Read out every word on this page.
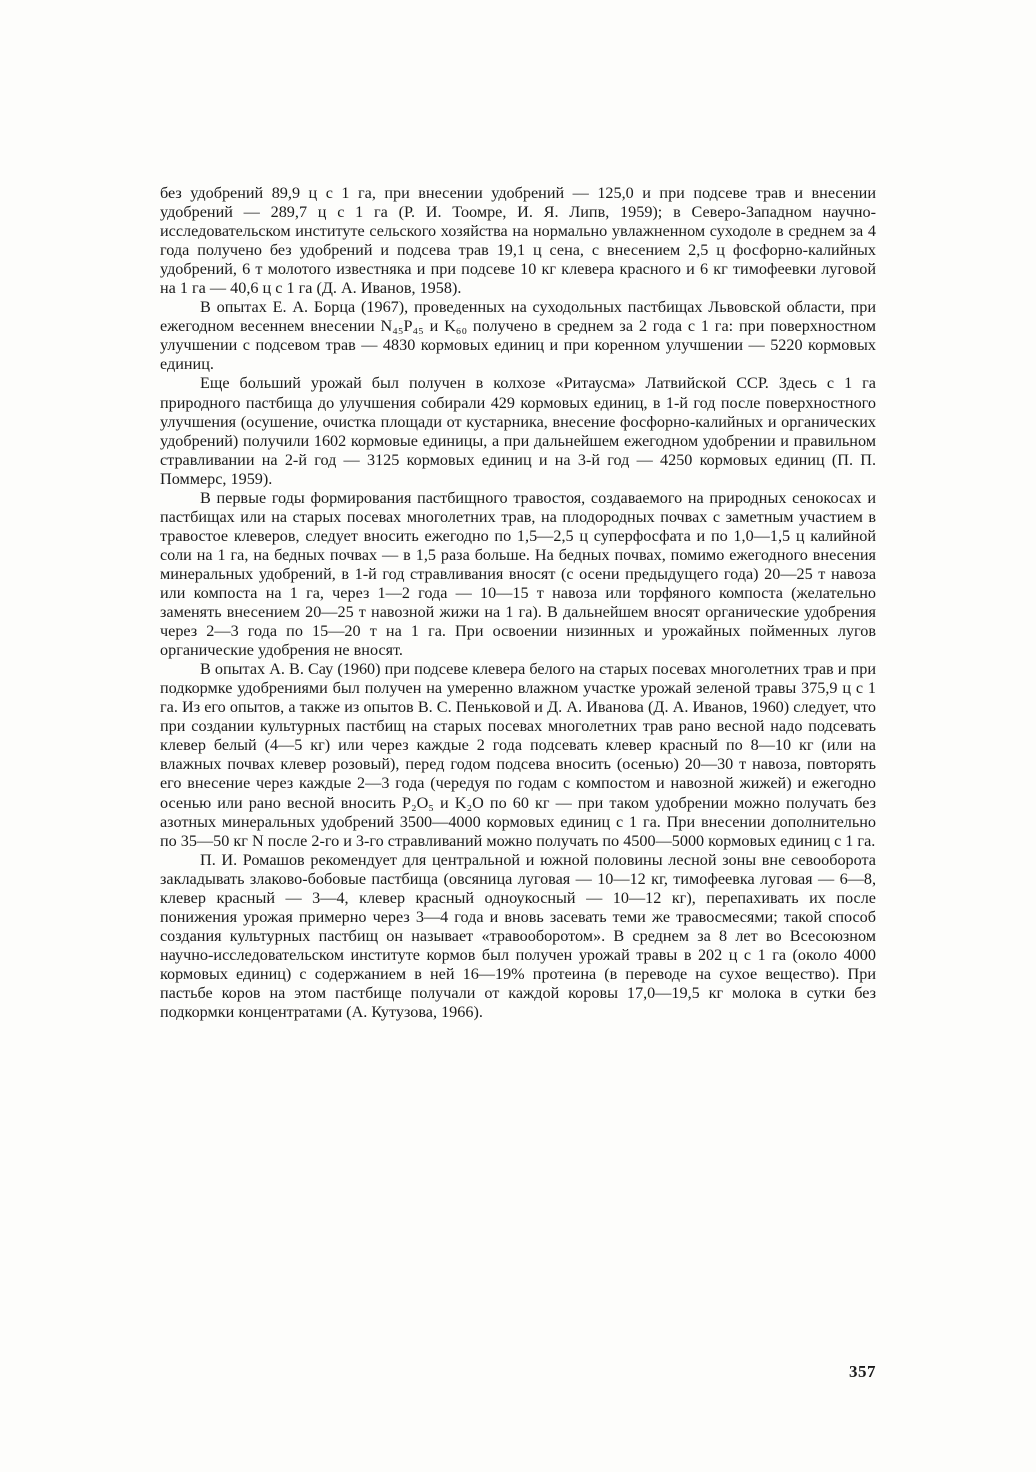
без удобрений 89,9 ц с 1 га, при внесении удобрений — 125,0 и при подсеве трав и внесении удобрений — 289,7 ц с 1 га (Р. И. Тоомре, И. Я. Липв, 1959); в Северо-Западном научно-исследовательском институте сельского хозяйства на нормально увлажненном суходоле в среднем за 4 года получено без удобрений и подсева трав 19,1 ц сена, с внесением 2,5 ц фосфорно-калийных удобрений, 6 т молотого известняка и при подсеве 10 кг клевера красного и 6 кг тимофеевки луговой на 1 га — 40,6 ц с 1 га (Д. А. Иванов, 1958).

В опытах Е. А. Борца (1967), проведенных на суходольных пастбищах Львовской области, при ежегодном весеннем внесении N₄₅P₄₅ и K₆₀ получено в среднем за 2 года с 1 га: при поверхностном улучшении с подсевом трав — 4830 кормовых единиц и при коренном улучшении — 5220 кормовых единиц.

Еще больший урожай был получен в колхозе «Ритаусма» Латвийской ССР. Здесь с 1 га природного пастбища до улучшения собирали 429 кормовых единиц, в 1-й год после поверхностного улучшения (осушение, очистка площади от кустарника, внесение фосфорно-калийных и органических удобрений) получили 1602 кормовые единицы, а при дальнейшем ежегодном удобрении и правильном стравливании на 2-й год — 3125 кормовых единиц и на 3-й год — 4250 кормовых единиц (П. П. Поммерс, 1959).

В первые годы формирования пастбищного травостоя, создаваемого на природных сенокосах и пастбищах или на старых посевах многолетних трав, на плодородных почвах с заметным участием в травостое клеверов, следует вносить ежегодно по 1,5—2,5 ц суперфосфата и по 1,0—1,5 ц калийной соли на 1 га, на бедных почвах — в 1,5 раза больше. На бедных почвах, помимо ежегодного внесения минеральных удобрений, в 1-й год стравливания вносят (с осени предыдущего года) 20—25 т навоза или компоста на 1 га, через 1—2 года — 10—15 т навоза или торфяного компоста (желательно заменять внесением 20—25 т навозной жижи на 1 га). В дальнейшем вносят органические удобрения через 2—3 года по 15—20 т на 1 га. При освоении низинных и урожайных пойменных лугов органические удобрения не вносят.

В опытах А. В. Сау (1960) при подсеве клевера белого на старых посевах многолетних трав и при подкормке удобрениями был получен на умеренно влажном участке урожай зеленой травы 375,9 ц с 1 га. Из его опытов, а также из опытов В. С. Пеньковой и Д. А. Иванова (Д. А. Иванов, 1960) следует, что при создании культурных пастбищ на старых посевах многолетних трав рано весной надо подсевать клевер белый (4—5 кг) или через каждые 2 года подсевать клевер красный по 8—10 кг (или на влажных почвах клевер розовый), перед годом подсева вносить (осенью) 20—30 т навоза, повторять его внесение через каждые 2—3 года (чередуя по годам с компостом и навозной жижей) и ежегодно осенью или рано весной вносить P₂O₅ и K₂O по 60 кг — при таком удобрении можно получать без азотных минеральных удобрений 3500—4000 кормовых единиц с 1 га. При внесении дополнительно по 35—50 кг N после 2-го и 3-го стравливаний можно получать по 4500—5000 кормовых единиц с 1 га.

П. И. Ромашов рекомендует для центральной и южной половины лесной зоны вне севооборота закладывать злаково-бобовые пастбища (овсяница луговая — 10—12 кг, тимофеевка луговая — 6—8, клевер красный — 3—4, клевер красный одноукосный — 10—12 кг), перепахивать их после понижения урожая примерно через 3—4 года и вновь засевать теми же травосмесями; такой способ создания культурных пастбищ он называет «травооборотом». В среднем за 8 лет во Всесоюзном научно-исследовательском институте кормов был получен урожай травы в 202 ц с 1 га (около 4000 кормовых единиц) с содержанием в ней 16—19% протеина (в переводе на сухое вещество). При пастьбе коров на этом пастбище получали от каждой коровы 17,0—19,5 кг молока в сутки без подкормки концентратами (А. Кутузова, 1966).

357
